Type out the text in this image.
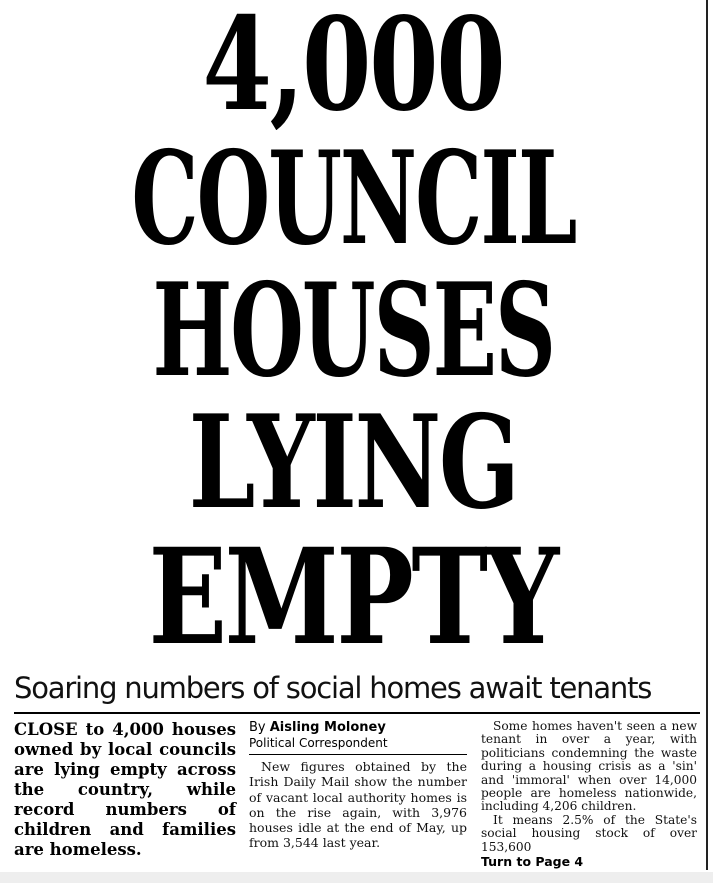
4,000
COUNCIL
HOUSES
LYING
EMPTY
Soaring numbers of social homes await tenants
CLOSE to 4,000 houses owned by local councils are lying empty across the country, while record numbers of children and families are homeless.
By Aisling Moloney
Political Correspondent

New figures obtained by the Irish Daily Mail show the number of vacant local authority homes is on the rise again, with 3,976 houses idle at the end of May, up from 3,544 last year.

Some homes haven't seen a new tenant in over a year, with politicians condemning the waste during a housing crisis as a 'sin' and 'immoral' when over 14,000 people are homeless nationwide, including 4,206 children.

It means 2.5% of the State's social housing stock of over 153,600

Turn to Page 4
